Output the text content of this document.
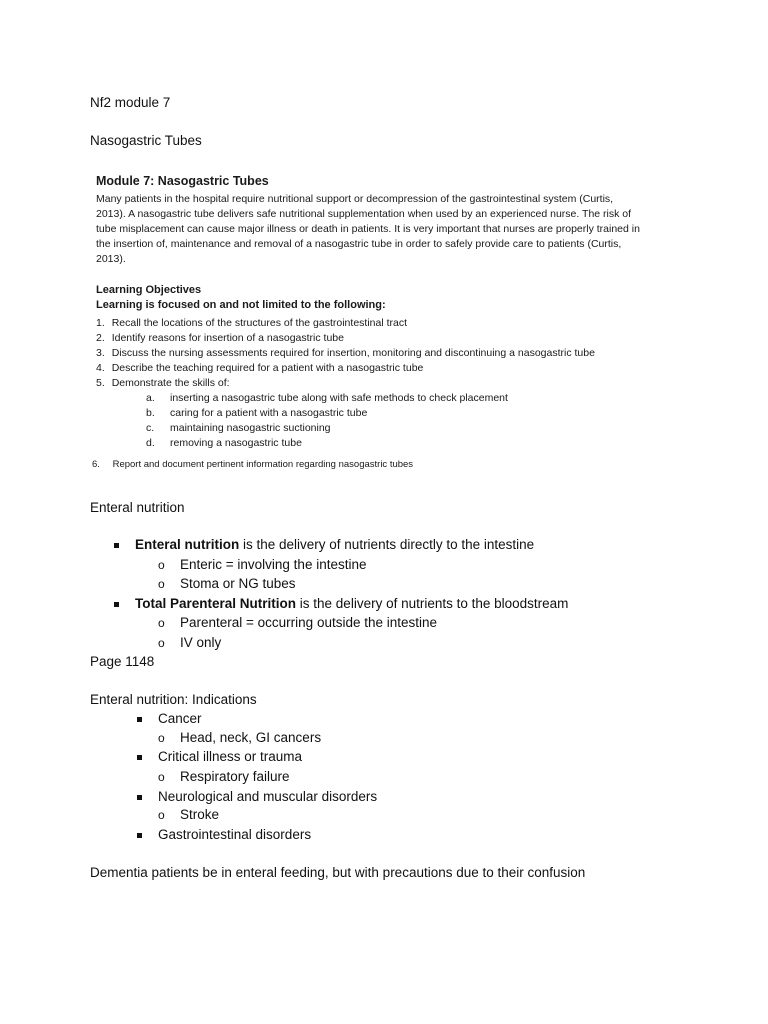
Nf2 module 7
Nasogastric Tubes
Module 7: Nasogastric Tubes
Many patients in the hospital require nutritional support or decompression of the gastrointestinal system (Curtis,
2013). A nasogastric tube delivers safe nutritional supplementation when used by an experienced nurse. The risk of
tube misplacement can cause major illness or death in patients. It is very important that nurses are properly trained in
the insertion of, maintenance and removal of a nasogastric tube in order to safely provide care to patients (Curtis,
2013).
Learning Objectives
Learning is focused on and not limited to the following:
1. Recall the locations of the structures of the gastrointestinal tract
2. Identify reasons for insertion of a nasogastric tube
3. Discuss the nursing assessments required for insertion, monitoring and discontinuing a nasogastric tube
4. Describe the teaching required for a patient with a nasogastric tube
5. Demonstrate the skills of:
a. inserting a nasogastric tube along with safe methods to check placement
b. caring for a patient with a nasogastric tube
c. maintaining nasogastric suctioning
d. removing a nasogastric tube
6. Report and document pertinent information regarding nasogastric tubes
Enteral nutrition
Enteral nutrition is the delivery of nutrients directly to the intestine
o Enteric = involving the intestine
o Stoma or NG tubes
Total Parenteral Nutrition is the delivery of nutrients to the bloodstream
o Parenteral = occurring outside the intestine
o IV only
Page 1148
Enteral nutrition: Indications
Cancer
o Head, neck, GI cancers
Critical illness or trauma
o Respiratory failure
Neurological and muscular disorders
o Stroke
Gastrointestinal disorders
Dementia patients be in enteral feeding, but with precautions due to their confusion
